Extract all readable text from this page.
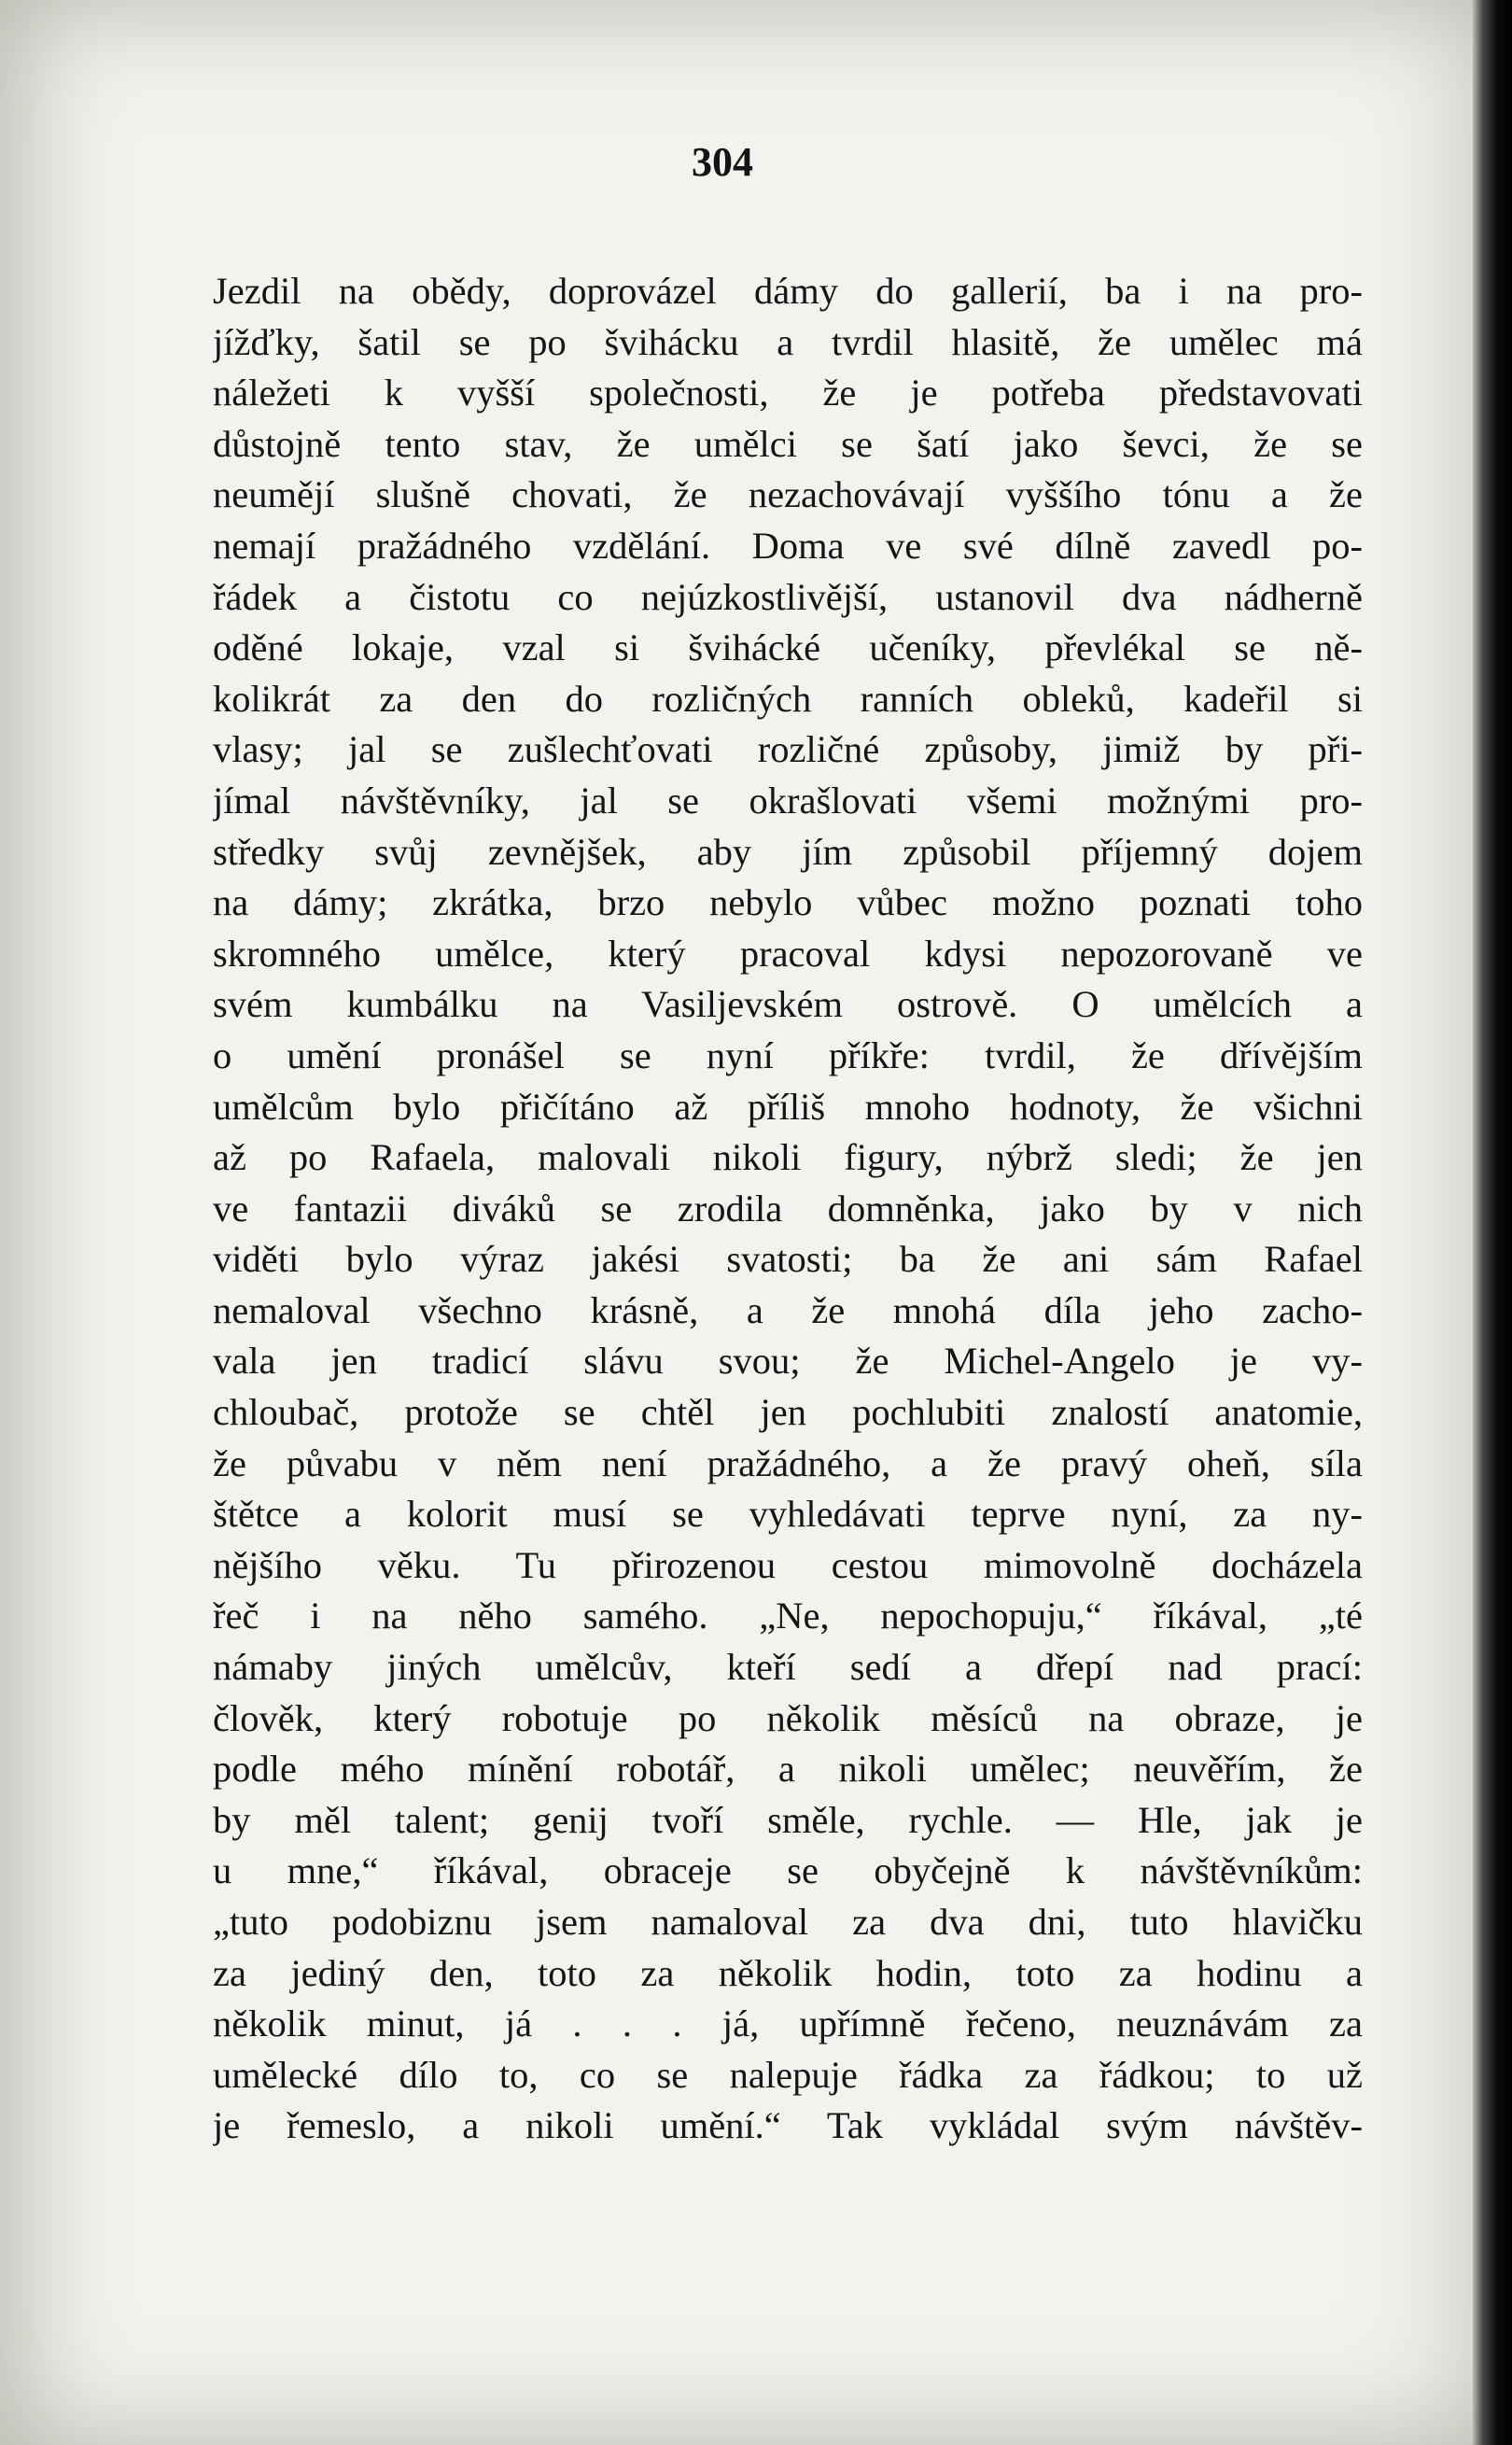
304
Jezdil na obědy, doprovázel dámy do gallerií, ba i na pro-
jížďky, šatil se po švihácku a tvrdil hlasitě, že umělec má
náležeti k vyšší společnosti, že je potřeba představovati
důstojně tento stav, že umělci se šatí jako ševci, že se
neumějí slušně chovati, že nezachovávají vyššího tónu a že
nemají pražádného vzdělání. Doma ve své dílně zavedl po-
řádek a čistotu co nejúzkostlivější, ustanovil dva nádherně
oděné lokaje, vzal si švihácké učeníky, převlékal se ně-
kolikrát za den do rozličných ranních obleků, kadeřil si
vlasy; jal se zušlechťovati rozličné způsoby, jimiž by při-
jímal návštěvníky, jal se okrašlovati všemi možnými pro-
středky svůj zevnějšek, aby jím způsobil příjemný dojem
na dámy; zkrátka, brzo nebylo vůbec možno poznati toho
skromného umělce, který pracoval kdysi nepozorovaně ve
svém kumbálku na Vasiljevském ostrově. O umělcích a
o umění pronášel se nyní příkře: tvrdil, že dřívějším
umělcům bylo přičítáno až příliš mnoho hodnoty, že všichni
až po Rafaela, malovali nikoli figury, nýbrž sledi; že jen
ve fantazii diváků se zrodila domněnka, jako by v nich
viděti bylo výraz jakési svatosti; ba že ani sám Rafael
nemaloval všechno krásně, a že mnohá díla jeho zacho-
vala jen tradicí slávu svou; že Michel-Angelo je vy-
chloubač, protože se chtěl jen pochlubiti znalostí anatomie,
že půvabu v něm není pražádného, a že pravý oheň, síla
štětce a kolorit musí se vyhledávati teprve nyní, za ny-
nějšího věku. Tu přirozenou cestou mimovolně docházela
řeč i na něho samého. „Ne, nepochopuju,“ říkával, „té
námaby jiných umělcův, kteří sedí a dřepí nad prací:
člověk, který robotuje po několik měsíců na obraze, je
podle mého mínění robotář, a nikoli umělec; neuvěřím, že
by měl talent; genij tvoří směle, rychle. — Hle, jak je
u mne,“ říkával, obraceje se obyčejně k návštěvníkům:
„tuto podobiznu jsem namaloval za dva dni, tuto hlavičku
za jediný den, toto za několik hodin, toto za hodinu a
několik minut, já . . . já, upřímně řečeno, neuznávám za
umělecké dílo to, co se nalepuje řádka za řádkou; to už
je řemeslo, a nikoli umění.“ Tak vykládal svým návštěv-
